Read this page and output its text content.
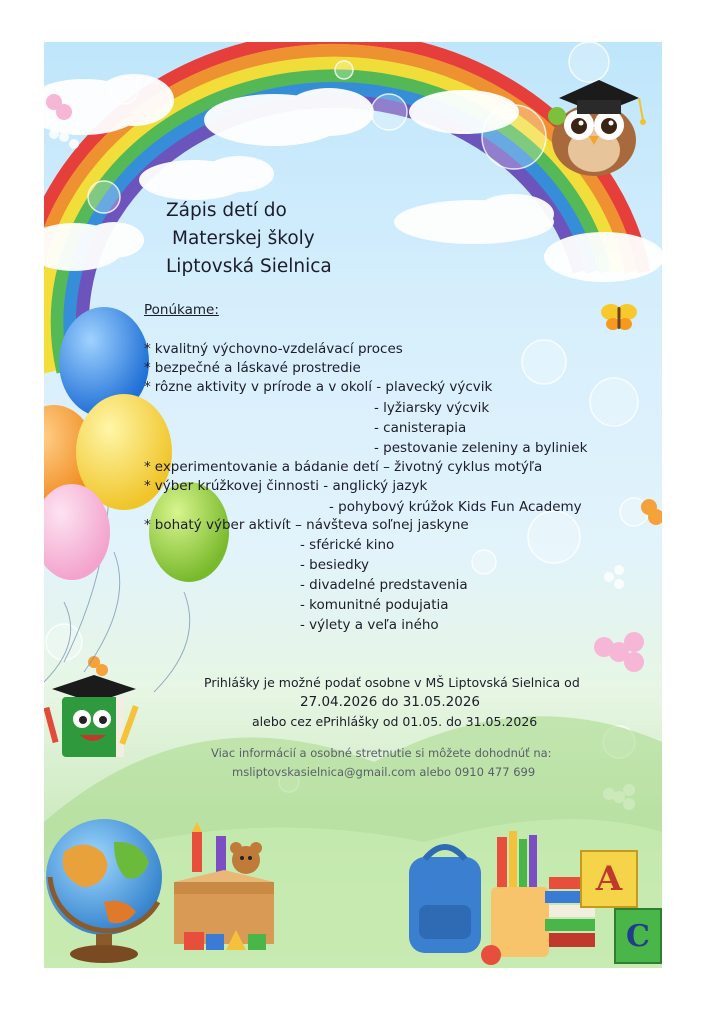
A
C
Zápis detí do
Materskej školy
Liptovská Sielnica
Ponúkame:
* kvalitný výchovno-vzdelávací proces
* bezpečné a láskavé prostredie
* rôzne aktivity v prírode a v okolí - plavecký výcvik
- lyžiarsky výcvik
- canisterapia
- pestovanie zeleniny a byliniek
* experimentovanie a bádanie detí – životný cyklus motýľa
* výber krúžkovej činnosti - anglický jazyk
- pohybový krúžok Kids Fun Academy
* bohatý výber aktivít – návšteva soľnej jaskyne
- sférické kino
- besiedky
- divadelné predstavenia
- komunitné podujatia
- výlety a veľa iného
Prihlášky je možné podať osobne v MŠ Liptovská Sielnica od
27.04.2026 do 31.05.2026
alebo cez ePrihlášky od 01.05. do 31.05.2026
Viac informácií a osobné stretnutie si môžete dohodnúť na:
msliptovskasielnica@gmail.com alebo 0910 477 699
